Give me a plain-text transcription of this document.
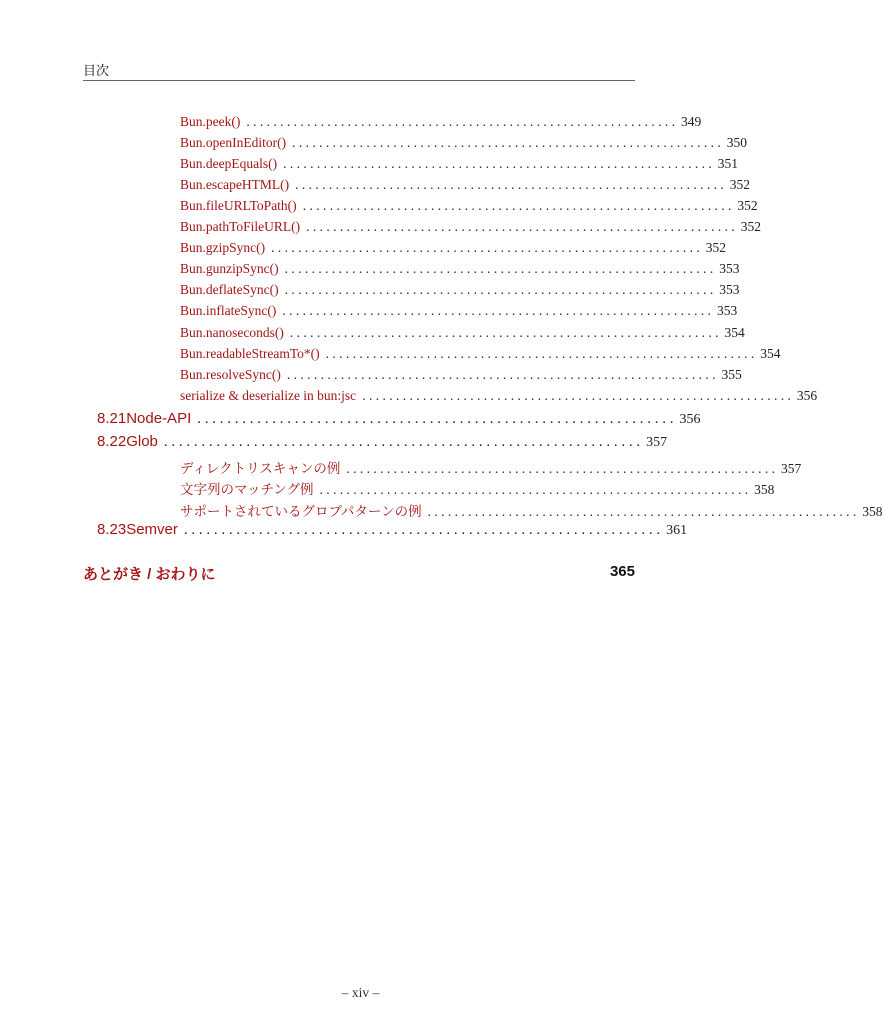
目次
Bun.peek() . . . . . . . . . . . . . . . . . . . . . . . . . . . . . . . . . . . . . . . . . . . . . . . . . . . . . . . . . . . . . . . . 349
Bun.openInEditor() . . . . . . . . . . . . . . . . . . . . . . . . . . . . . . . . . . . . . . . . . . . . . . . . . . . . . . . . . . . . . . . . 350
Bun.deepEquals() . . . . . . . . . . . . . . . . . . . . . . . . . . . . . . . . . . . . . . . . . . . . . . . . . . . . . . . . . . . . . . . . 351
Bun.escapeHTML() . . . . . . . . . . . . . . . . . . . . . . . . . . . . . . . . . . . . . . . . . . . . . . . . . . . . . . . . . . . . . . . . 352
Bun.fileURLToPath() . . . . . . . . . . . . . . . . . . . . . . . . . . . . . . . . . . . . . . . . . . . . . . . . . . . . . . . . . . . . . . . . 352
Bun.pathToFileURL() . . . . . . . . . . . . . . . . . . . . . . . . . . . . . . . . . . . . . . . . . . . . . . . . . . . . . . . . . . . . . . . . 352
Bun.gzipSync() . . . . . . . . . . . . . . . . . . . . . . . . . . . . . . . . . . . . . . . . . . . . . . . . . . . . . . . . . . . . . . . . 352
Bun.gunzipSync() . . . . . . . . . . . . . . . . . . . . . . . . . . . . . . . . . . . . . . . . . . . . . . . . . . . . . . . . . . . . . . . . 353
Bun.deflateSync() . . . . . . . . . . . . . . . . . . . . . . . . . . . . . . . . . . . . . . . . . . . . . . . . . . . . . . . . . . . . . . . . 353
Bun.inflateSync() . . . . . . . . . . . . . . . . . . . . . . . . . . . . . . . . . . . . . . . . . . . . . . . . . . . . . . . . . . . . . . . . 353
Bun.nanoseconds() . . . . . . . . . . . . . . . . . . . . . . . . . . . . . . . . . . . . . . . . . . . . . . . . . . . . . . . . . . . . . . . . 354
Bun.readableStreamTo*() . . . . . . . . . . . . . . . . . . . . . . . . . . . . . . . . . . . . . . . . . . . . . . . . . . . . . . . . . . . . . . . . 354
Bun.resolveSync() . . . . . . . . . . . . . . . . . . . . . . . . . . . . . . . . . . . . . . . . . . . . . . . . . . . . . . . . . . . . . . . . 355
serialize & deserialize in bun:jsc . . . . . . . . . . . . . . . . . . . . . . . . . . . . . . . . . . . . . . . . . . . . . . . . . . . . . . . . . . . . . . . . 356
8.21 Node-API . . . . . . . . . . . . . . . . . . . . . . . . . . . . . . . . . . . . . . . . . . . . . . . . . . . . . . . . . . . . . . . . 356
8.22 Glob . . . . . . . . . . . . . . . . . . . . . . . . . . . . . . . . . . . . . . . . . . . . . . . . . . . . . . . . . . . . . . . . 357
ディレクトリスキャンの例 . . . . . . . . . . . . . . . . . . . . . . . . . . . . . . . . . . . . . . . . . . . . . . . . . . . . . . . . . . . . . . . . 357
文字列のマッチング例 . . . . . . . . . . . . . . . . . . . . . . . . . . . . . . . . . . . . . . . . . . . . . . . . . . . . . . . . . . . . . . . . 358
サポートされているグロブパターンの例 . . . . . . . . . . . . . . . . . . . . . . . . . . . . . . . . . . . . . . . . . . . . . . . . . . . . . . . . . . . . . . . . 358
8.23 Semver . . . . . . . . . . . . . . . . . . . . . . . . . . . . . . . . . . . . . . . . . . . . . . . . . . . . . . . . . . . . . . . . 361
あとがき / おわりに	365
– xiv –
